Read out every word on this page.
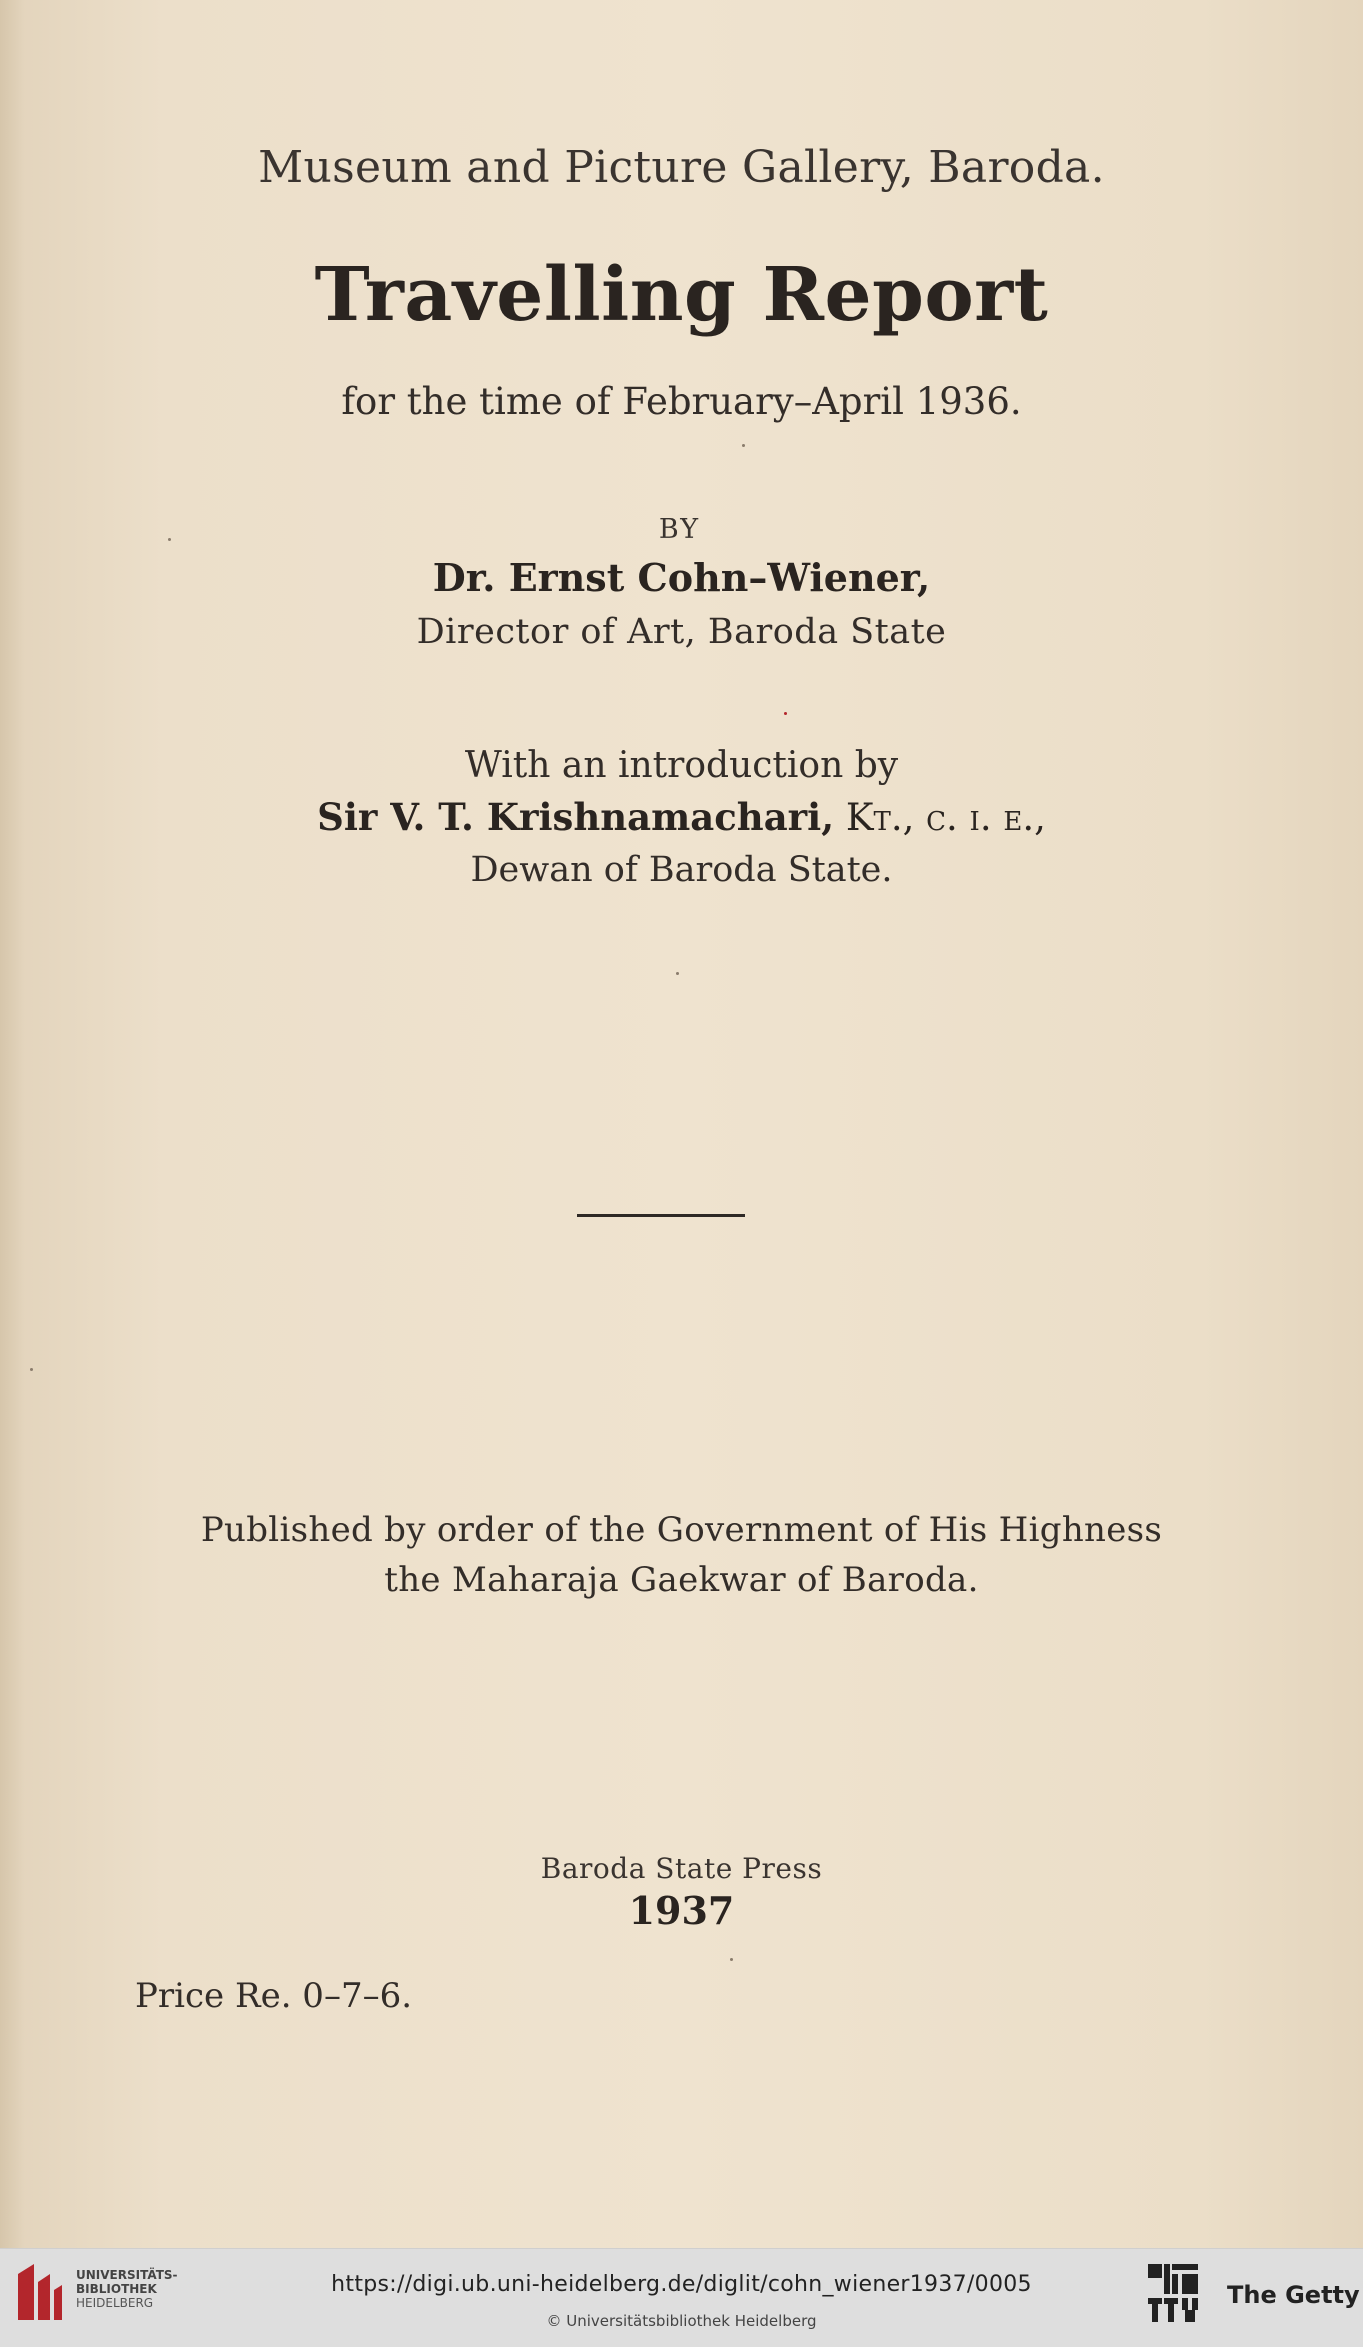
Museum and Picture Gallery, Baroda.
Travelling Report
for the time of February–April 1936.
BY
Dr. Ernst Cohn–Wiener,
Director of Art, Baroda State
With an introduction by
Sir V. T. Krishnamachari, Kt., c. i. e.,
Dewan of Baroda State.
Published by order of the Government of His Highness
the Maharaja Gaekwar of Baroda.
Baroda State Press
1937
Price Re. 0–7–6.
UNIVERSITÄTS-
BIBLIOTHEK
HEIDELBERG
https://digi.ub.uni-heidelberg.de/diglit/cohn_wiener1937/0005
© Universitätsbibliothek Heidelberg
The Getty
